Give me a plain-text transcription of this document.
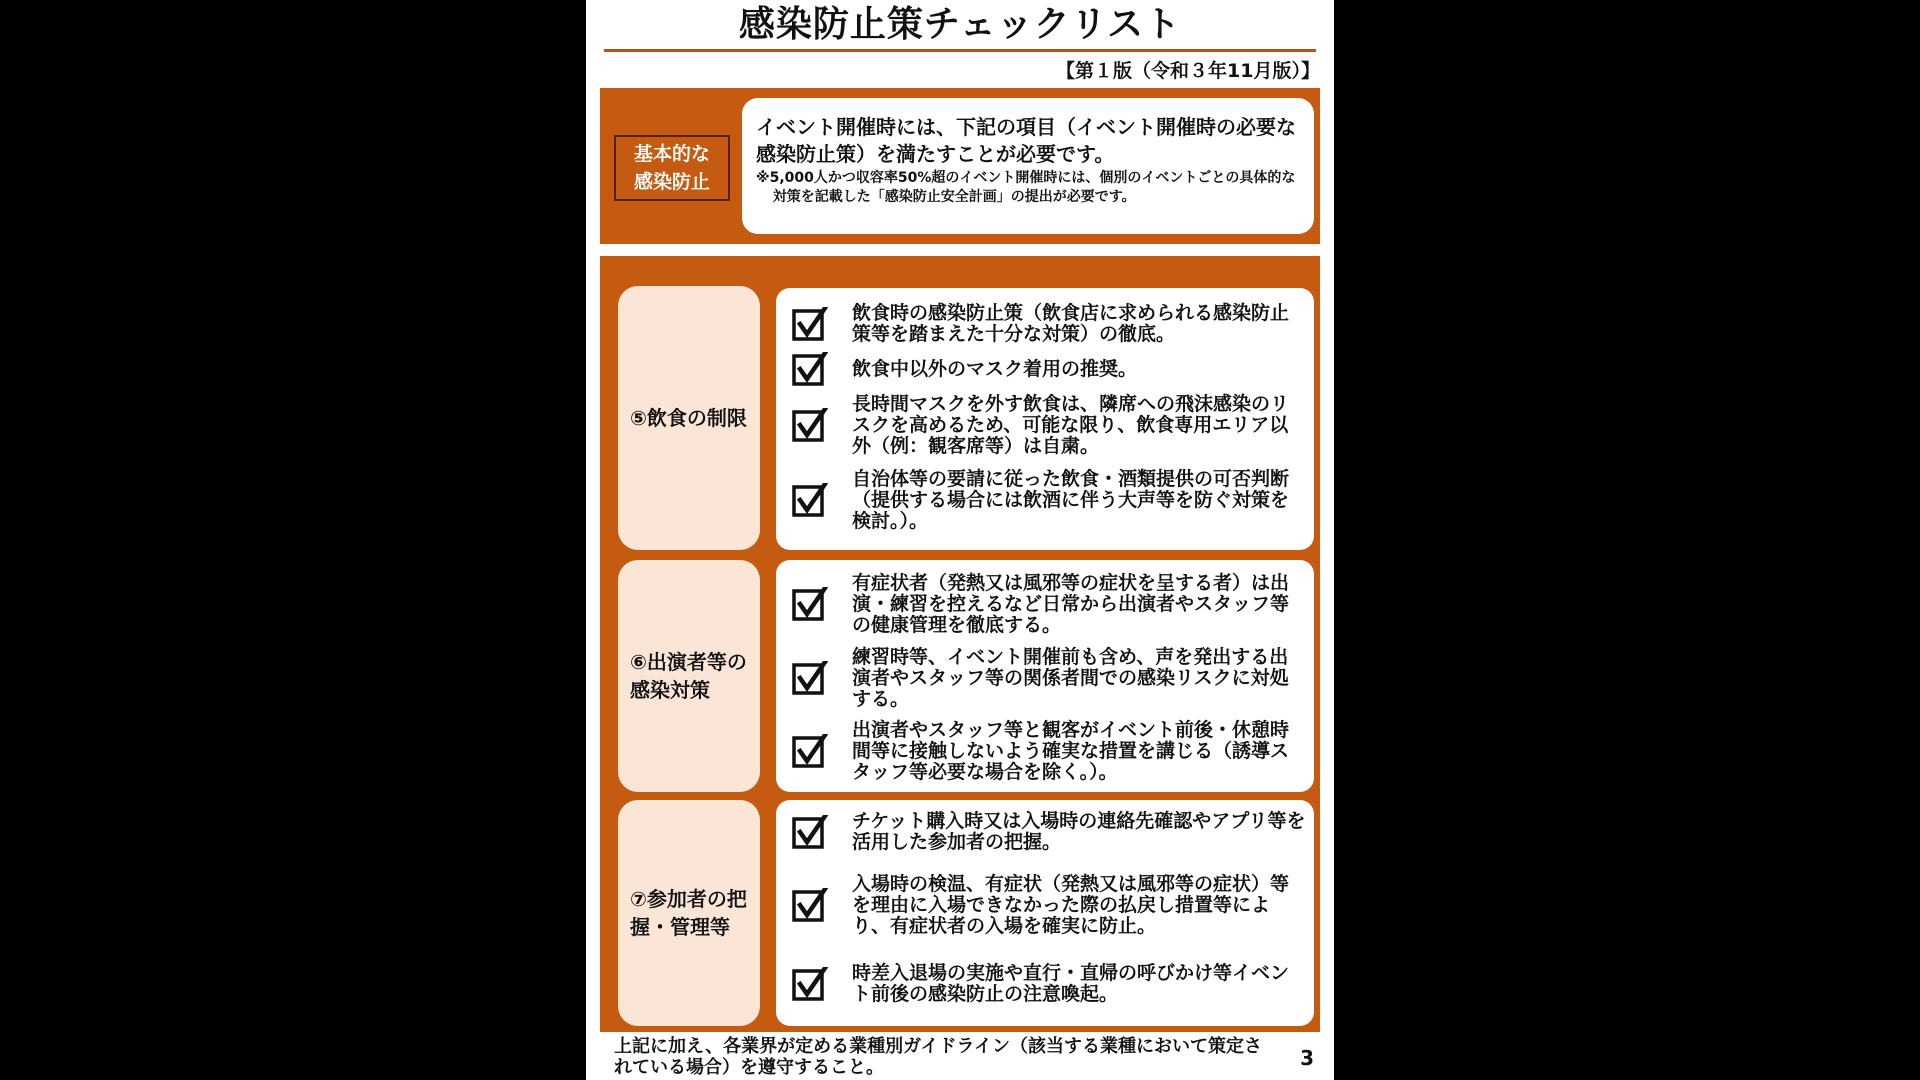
感染防止策チェックリスト
【第１版（令和３年11月版）】
基本的な感染防止
イベント開催時には、下記の項目（イベント開催時の必要な感染防止策）を満たすことが必要です。
※5,000人かつ収容率50%超のイベント開催時には、個別のイベントごとの具体的な対策を記載した「感染防止安全計画」の提出が必要です。
⑤飲食の制限
飲食時の感染防止策（飲食店に求められる感染防止策等を踏まえた十分な対策）の徹底。
飲食中以外のマスク着用の推奨。
長時間マスクを外す飲食は、隣席への飛沫感染のリスクを高めるため、可能な限り、飲食専用エリア以外（例：観客席等）は自粛。
自治体等の要請に従った飲食・酒類提供の可否判断（提供する場合には飲酒に伴う大声等を防ぐ対策を検討。）。
⑥出演者等の感染対策
有症状者（発熱又は風邪等の症状を呈する者）は出演・練習を控えるなど日常から出演者やスタッフ等の健康管理を徹底する。
練習時等、イベント開催前も含め、声を発出する出演者やスタッフ等の関係者間での感染リスクに対処する。
出演者やスタッフ等と観客がイベント前後・休憩時間等に接触しないよう確実な措置を講じる（誘導スタッフ等必要な場合を除く。）。
⑦参加者の把握・管理等
チケット購入時又は入場時の連絡先確認やアプリ等を活用した参加者の把握。
入場時の検温、有症状（発熱又は風邪等の症状）等を理由に入場できなかった際の払戻し措置等により、有症状者の入場を確実に防止。
時差入退場の実施や直行・直帰の呼びかけ等イベント前後の感染防止の注意喚起。
上記に加え、各業界が定める業種別ガイドライン（該当する業種において策定されている場合）を遵守すること。	3
